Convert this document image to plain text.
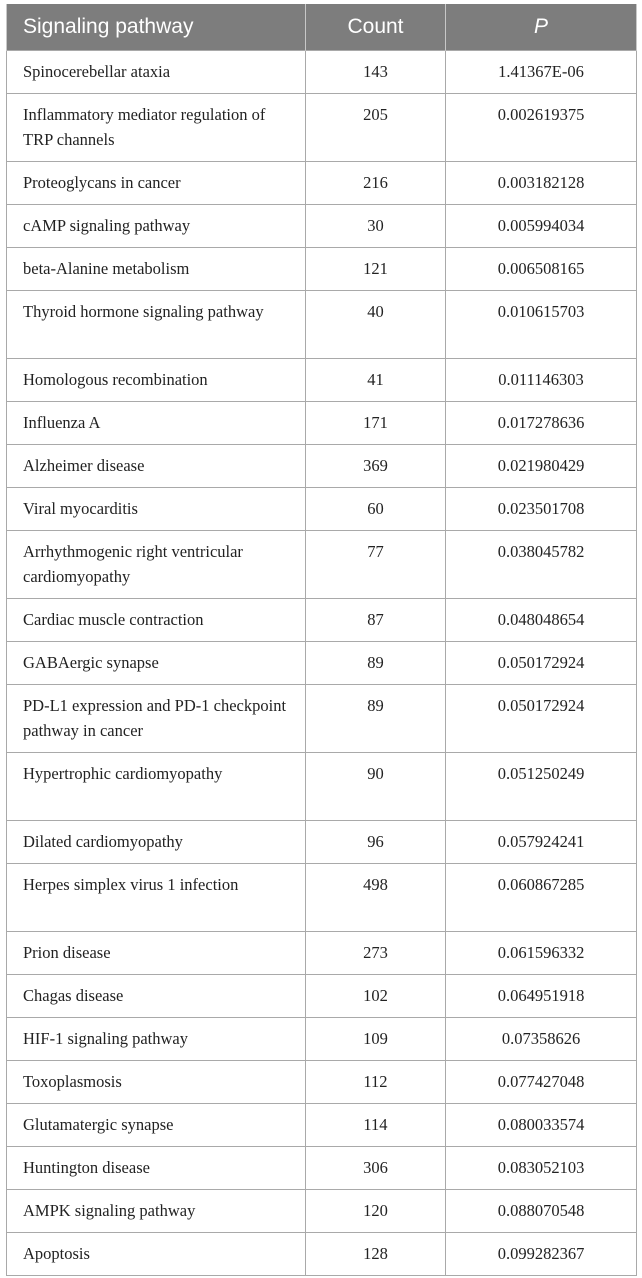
Signaling pathway	Count	P
Spinocerebellar ataxia	143	1.41367E-06
Inflammatory mediator regulation of TRP channels	205	0.002619375
Proteoglycans in cancer	216	0.003182128
cAMP signaling pathway	30	0.005994034
beta-Alanine metabolism	121	0.006508165
Thyroid hormone signaling pathway	40	0.010615703
Homologous recombination	41	0.011146303
Influenza A	171	0.017278636
Alzheimer disease	369	0.021980429
Viral myocarditis	60	0.023501708
Arrhythmogenic right ventricular cardiomyopathy	77	0.038045782
Cardiac muscle contraction	87	0.048048654
GABAergic synapse	89	0.050172924
PD-L1 expression and PD-1 checkpoint pathway in cancer	89	0.050172924
Hypertrophic cardiomyopathy	90	0.051250249
Dilated cardiomyopathy	96	0.057924241
Herpes simplex virus 1 infection	498	0.060867285
Prion disease	273	0.061596332
Chagas disease	102	0.064951918
HIF-1 signaling pathway	109	0.07358626
Toxoplasmosis	112	0.077427048
Glutamatergic synapse	114	0.080033574
Huntington disease	306	0.083052103
AMPK signaling pathway	120	0.088070548
Apoptosis	128	0.099282367
